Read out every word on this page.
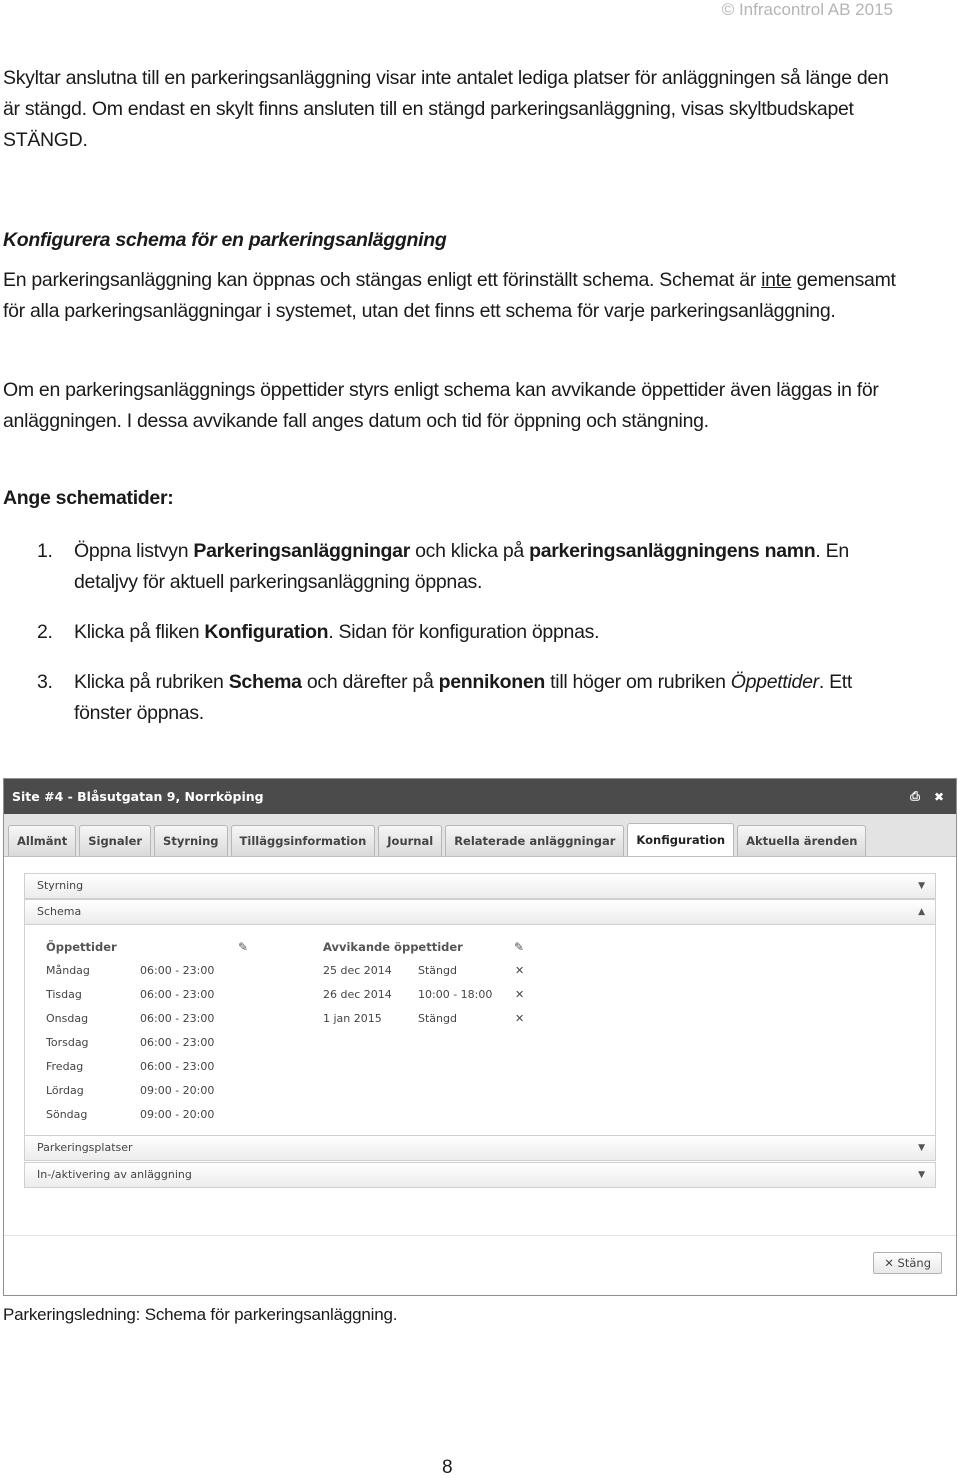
© Infracontrol AB 2015

Skyltar anslutna till en parkeringsanläggning visar inte antalet lediga platser för anläggningen så länge den är stängd. Om endast en skylt finns ansluten till en stängd parkeringsanläggning, visas skyltbudskapet STÄNGD.

Konfigurera schema för en parkeringsanläggning

En parkeringsanläggning kan öppnas och stängas enligt ett förinställt schema. Schemat är inte gemensamt för alla parkeringsanläggningar i systemet, utan det finns ett schema för varje parkeringsanläggning.

Om en parkeringsanläggnings öppettider styrs enligt schema kan avvikande öppettider även läggas in för anläggningen. I dessa avvikande fall anges datum och tid för öppning och stängning.

Ange schematider:
1. Öppna listvyn Parkeringsanläggningar och klicka på parkeringsanläggningens namn. En detaljvy för aktuell parkeringsanläggning öppnas.
2. Klicka på fliken Konfiguration. Sidan för konfiguration öppnas.
3. Klicka på rubriken Schema och därefter på pennikonen till höger om rubriken Öppettider. Ett fönster öppnas.
Site #4 - Blåsutgatan 9, Norrköping	⎙	✖
Allmänt	Signaler	Styrning	Tilläggsinformation	Journal	Relaterade anläggningar	Konfiguration	Aktuella ärenden
Styrning	▼
Schema	▲
Öppettider	✎
Måndag	06:00 - 23:00
Tisdag	06:00 - 23:00
Onsdag	06:00 - 23:00
Torsdag	06:00 - 23:00
Fredag	06:00 - 23:00
Lördag	09:00 - 20:00
Söndag	09:00 - 20:00
Avvikande öppettider	✎
25 dec 2014 Stängd	✕
26 dec 2014 10:00 - 18:00 ✕
1 jan 2015	Stängd	✕
Parkeringsplatser	▼
In-/aktivering av anläggning	▼
✕ Stäng
Parkeringsledning: Schema för parkeringsanläggning.
8
